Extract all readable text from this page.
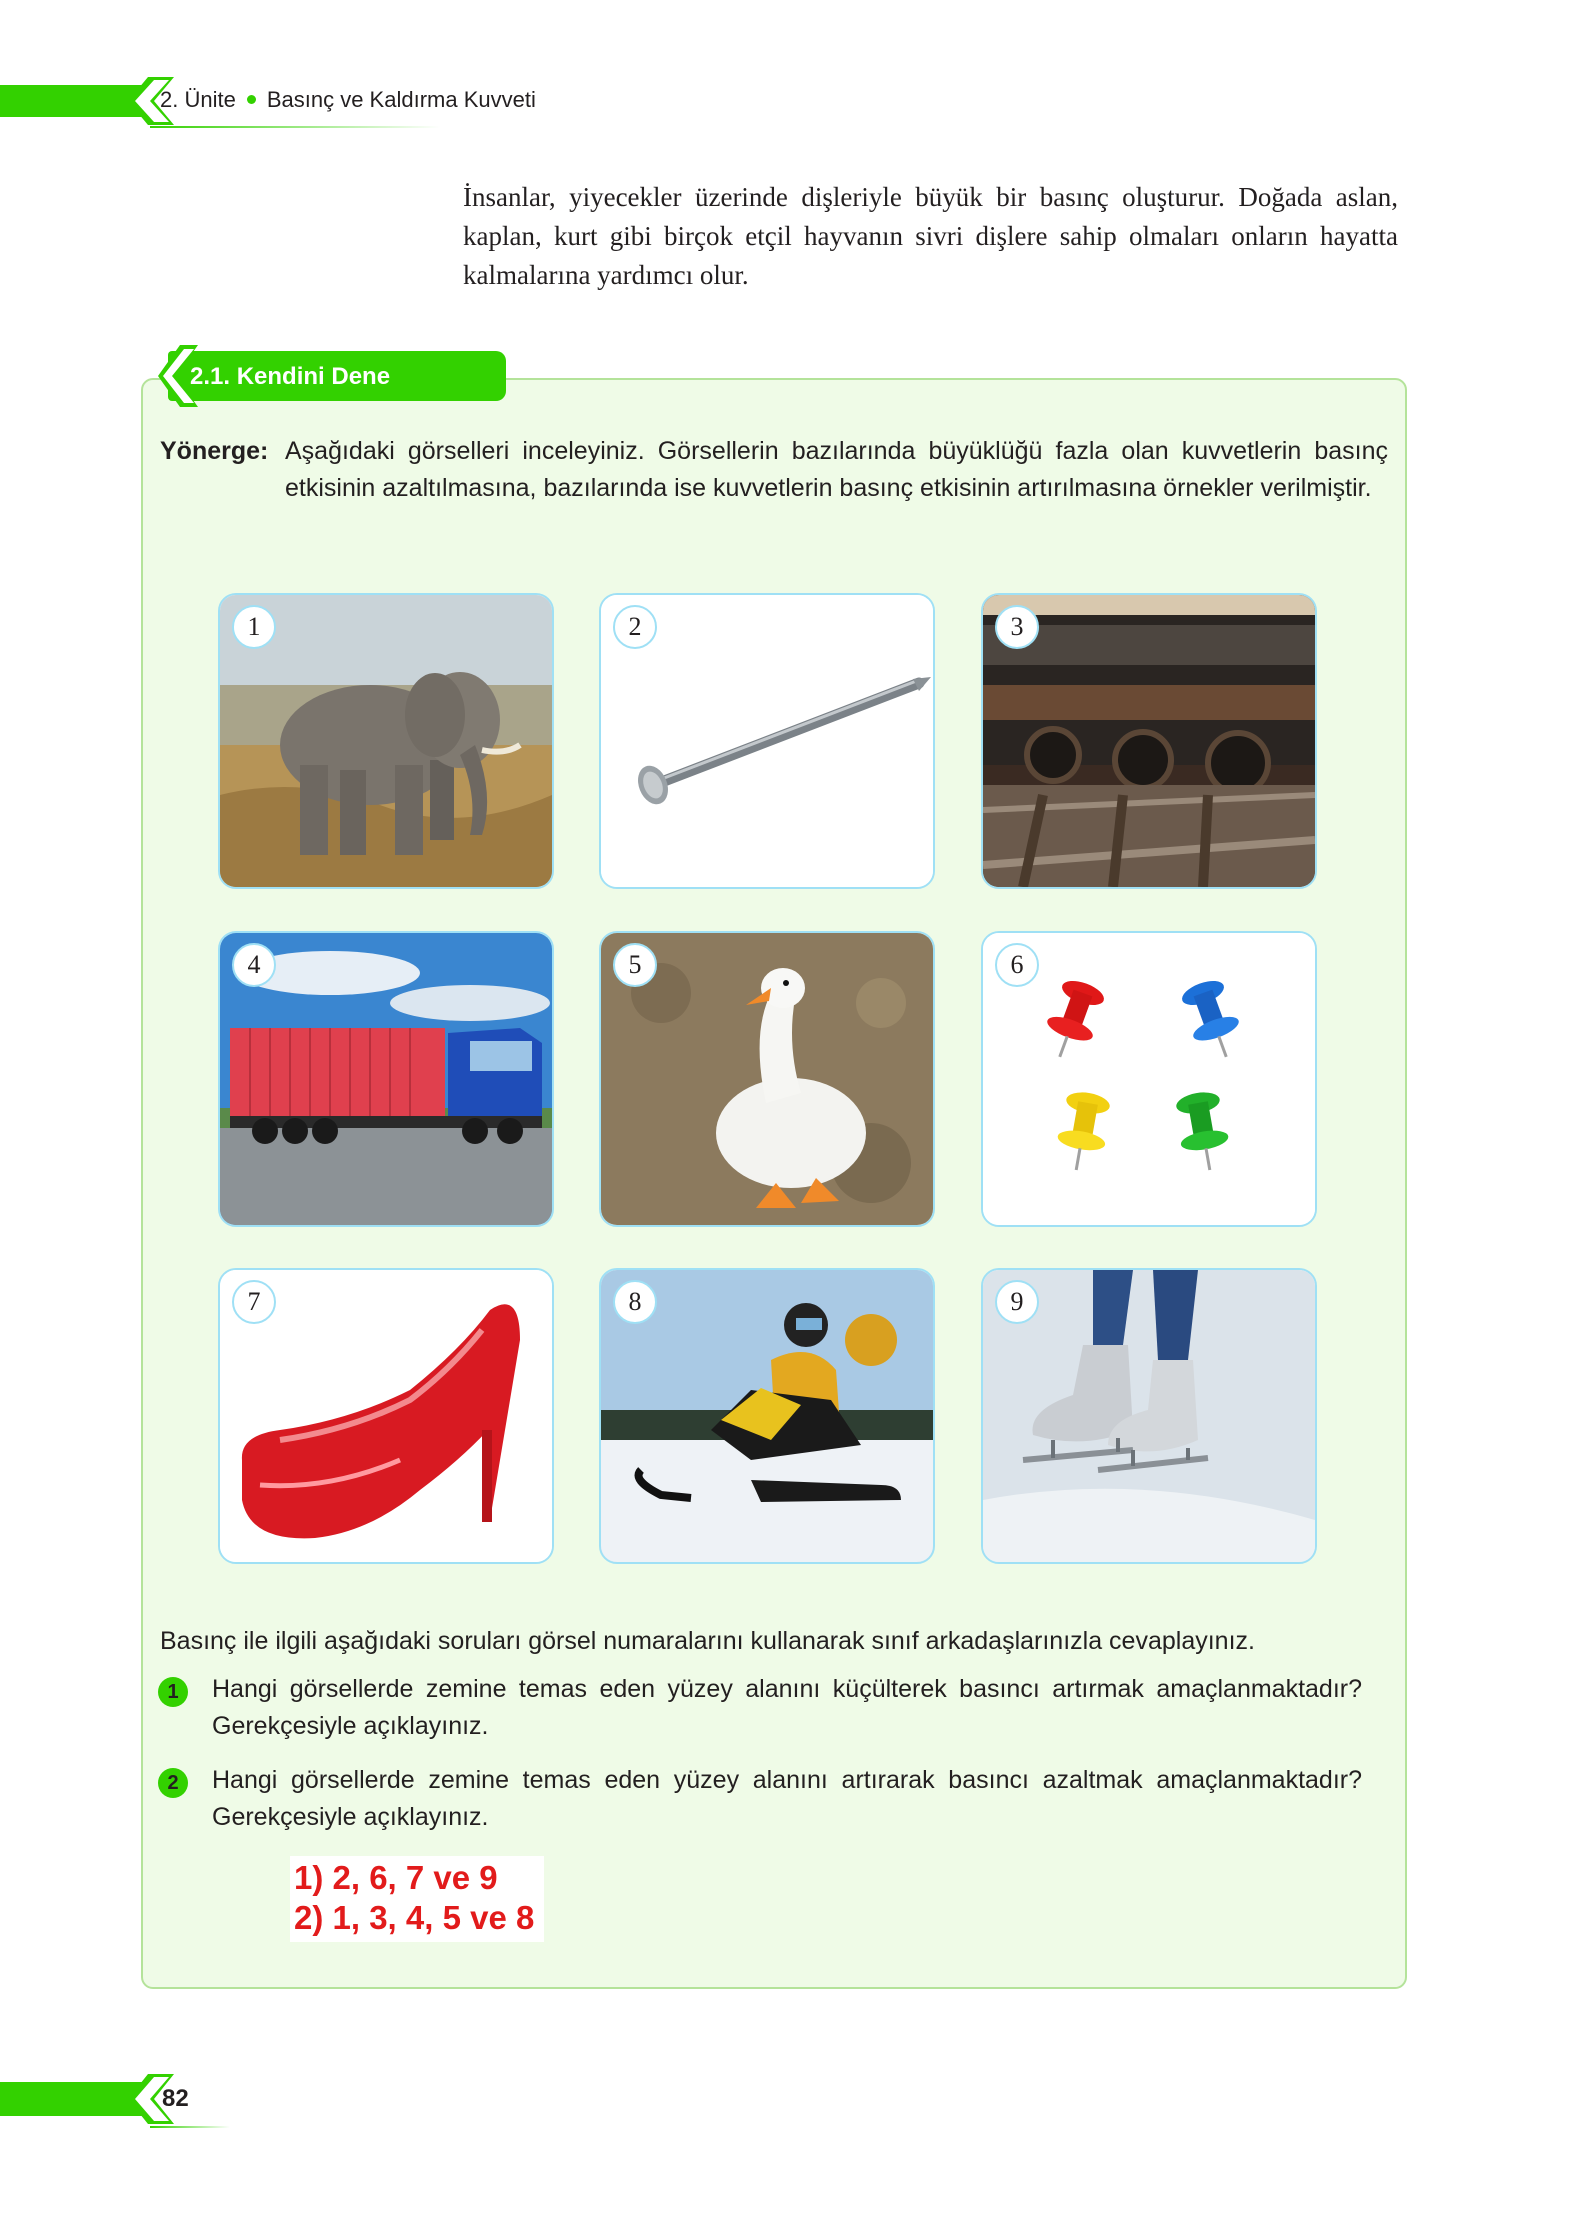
2. Ünite Basınç ve Kaldırma Kuvveti

İnsanlar, yiyecekler üzerinde dişleriyle büyük bir basınç oluşturur. Doğada aslan, kaplan, kurt gibi birçok etçil hayvanın sivri dişlere sahip olmaları onların hayatta kalmalarına yardımcı olur.

2.1. Kendini Dene
Yönerge: Aşağıdaki görselleri inceleyiniz. Görsellerin bazılarında büyüklüğü fazla olan kuvvetlerin basınç etkisinin azaltılmasına, bazılarında ise kuvvetlerin basınç etkisinin artırılmasına örnekler verilmiştir.
1	2	3
4	5	6
7	8	9
Basınç ile ilgili aşağıdaki soruları görsel numaralarını kullanarak sınıf arkadaşlarınızla cevaplayınız.
1	Hangi görsellerde zemine temas eden yüzey alanını küçülterek basıncı artırmak amaçlanmaktadır? Gerekçesiyle açıklayınız.
2	Hangi görsellerde zemine temas eden yüzey alanını artırarak basıncı azaltmak amaçlanmaktadır? Gerekçesiyle açıklayınız.
1) 2, 6, 7 ve 9
2) 1, 3, 4, 5 ve 8
82
